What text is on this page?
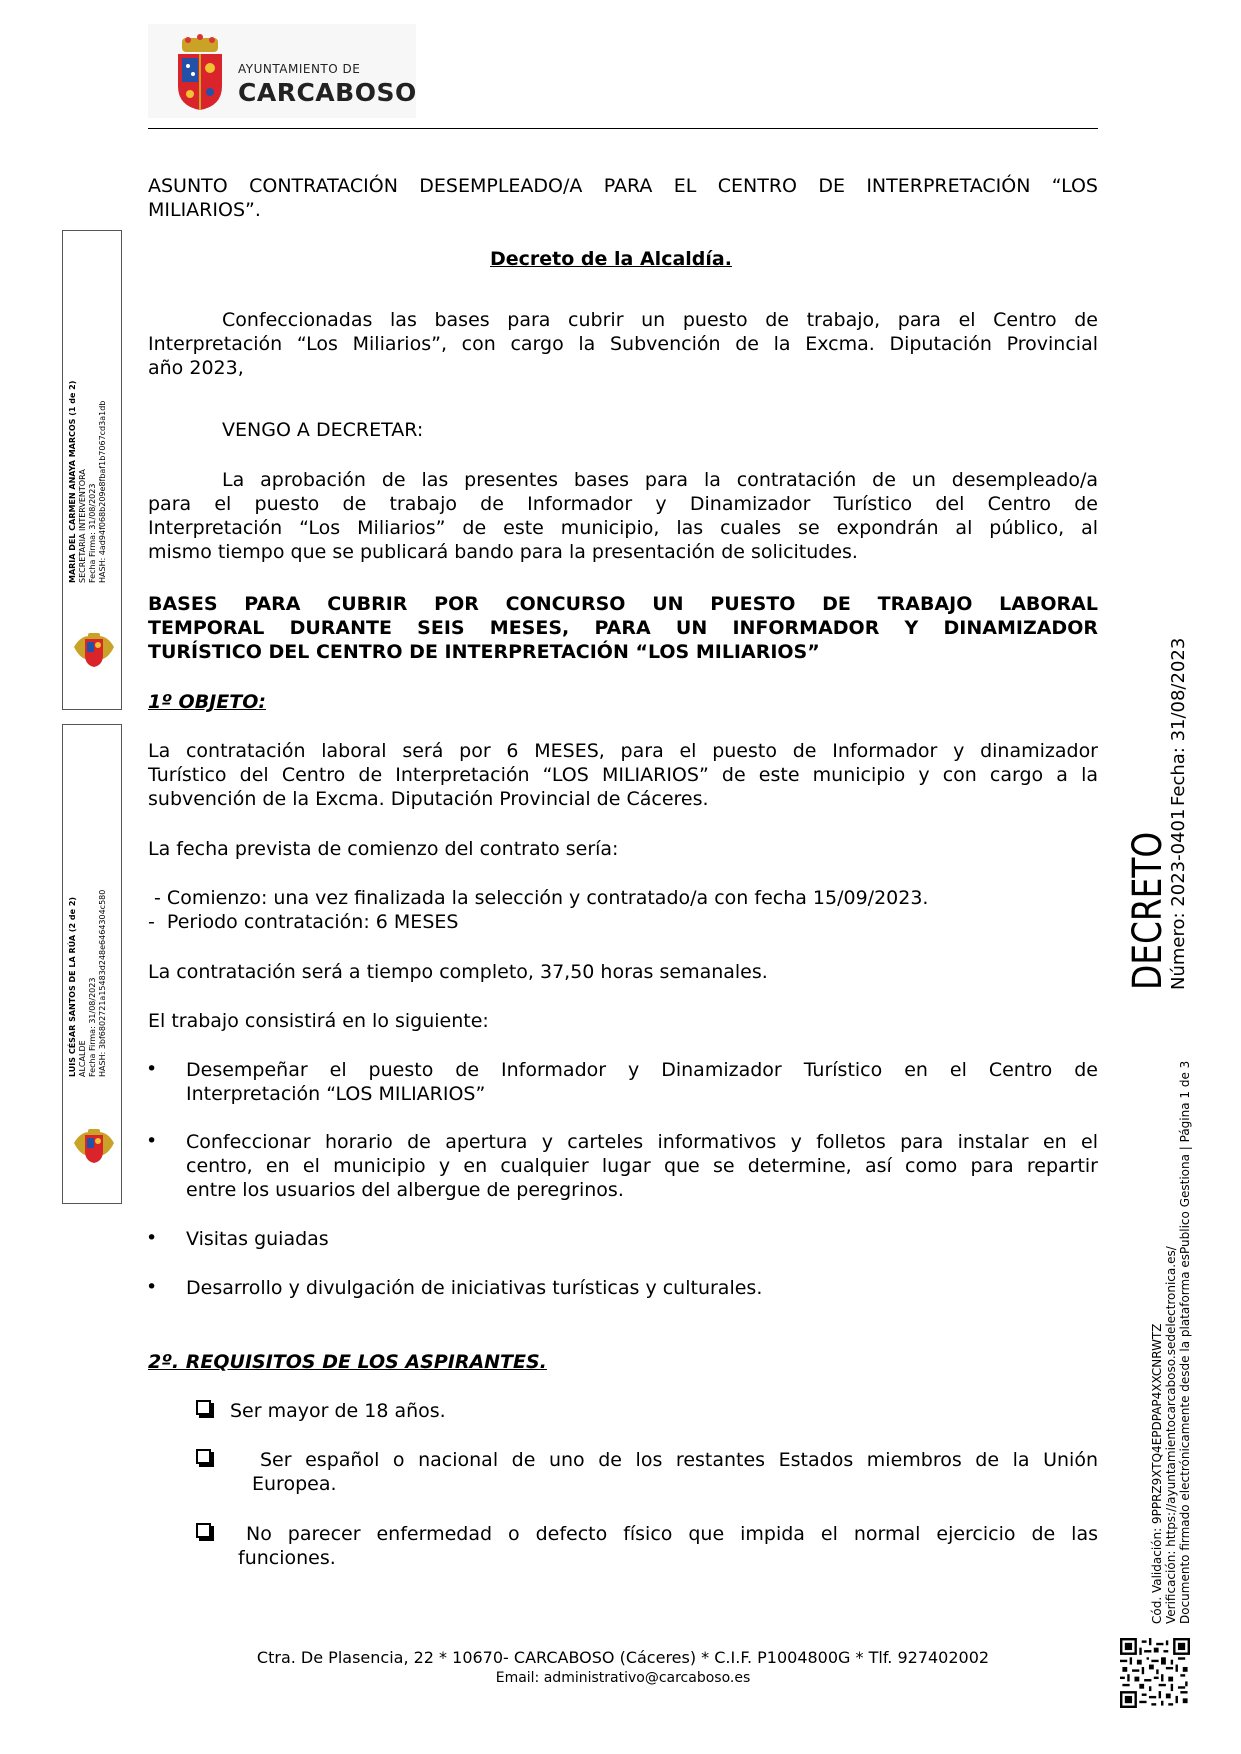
AYUNTAMIENTO DE
CARCABOSO
ASUNTO CONTRATACIÓN DESEMPLEADO/A PARA EL CENTRO DE INTERPRETACIÓN “LOS
MILIARIOS”.
Decreto de la Alcaldía.
Confeccionadas las bases para cubrir un puesto de trabajo, para el Centro de
Interpretación “Los Miliarios”, con cargo la Subvención de la Excma. Diputación Provincial
año 2023,
VENGO A DECRETAR:
La aprobación de las presentes bases para la contratación de un desempleado/a
para el puesto de trabajo de Informador y Dinamizador Turístico del Centro de
Interpretación “Los Miliarios” de este municipio, las cuales se expondrán al público, al
mismo tiempo que se publicará bando para la presentación de solicitudes.
BASES PARA CUBRIR POR CONCURSO UN PUESTO DE TRABAJO LABORAL
TEMPORAL DURANTE SEIS MESES, PARA UN INFORMADOR Y DINAMIZADOR
TURÍSTICO DEL CENTRO DE INTERPRETACIÓN “LOS MILIARIOS”
1º OBJETO:
La contratación laboral será por 6 MESES, para el puesto de Informador y dinamizador
Turístico del Centro de Interpretación “LOS MILIARIOS” de este municipio y con cargo a la
subvención de la Excma. Diputación Provincial de Cáceres.
La fecha prevista de comienzo del contrato sería:
- Comienzo: una vez finalizada la selección y contratado/a con fecha 15/09/2023.
-  Periodo contratación: 6 MESES
La contratación será a tiempo completo, 37,50 horas semanales.
El trabajo consistirá en lo siguiente:
• Desempeñar el puesto de Informador y Dinamizador Turístico en el Centro de
Interpretación “LOS MILIARIOS”
• Confeccionar horario de apertura y carteles informativos y folletos para instalar en el
centro, en el municipio y en cualquier lugar que se determine, así como para repartir
entre los usuarios del albergue de peregrinos.
• Visitas guiadas
• Desarrollo y divulgación de iniciativas turísticas y culturales.
2º. REQUISITOS DE LOS ASPIRANTES.
Ser mayor de 18 años.
Ser español o nacional de uno de los restantes Estados miembros de la Unión
Europea.
No parecer enfermedad o defecto físico que impida el normal ejercicio de las
funciones.
Ctra. De Plasencia, 22 * 10670- CARCABOSO (Cáceres) * C.I.F. P1004800G * Tlf. 927402002
Email: administrativo@carcaboso.es
MARIA DEL CARMEN ANAYA MARCOS (1 de 2) SECRETARIA INTERVENTORA Fecha Firma: 31/08/2023 HASH: 4ad94f068b209e8fbaf1b7067cd3a1db
LUIS CÉSAR SANTOS DE LA RÚA (2 de 2) ALCALDE Fecha Firma: 31/08/2023 HASH: 3bf6802721a15483d248e6464304c580	DECRETO
Número: 2023-0401
Fecha: 31/08/2023
Cód. Validación: 9PPRZ9XTQ4EPDPAP4XXCNRWTZ Verificación: https://ayuntamientocarcaboso.sedelectronica.es/ Documento firmado electrónicamente desde la plataforma esPublico Gestiona | Página 1 de 3
